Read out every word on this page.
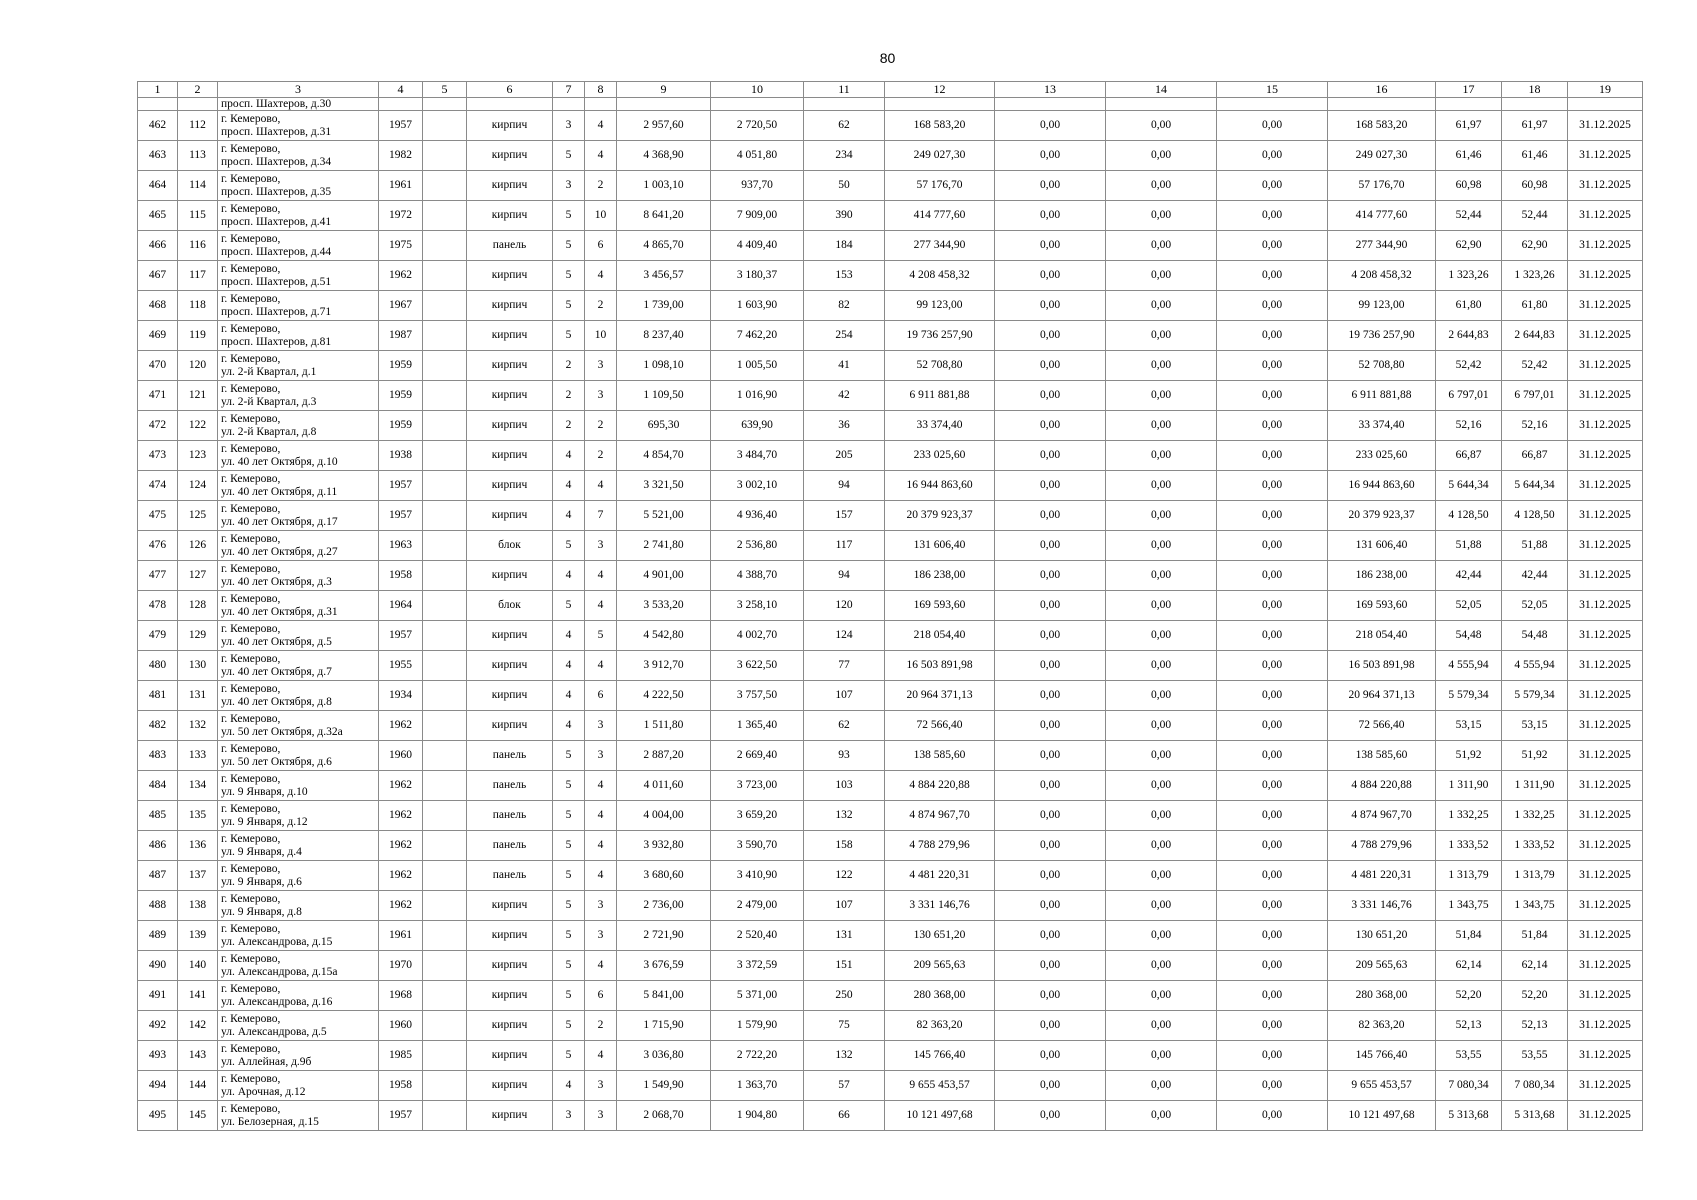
80
1	2	3	4	5	6	7	8	9	10	11	12	13	14	15	16	17	18	19
		просп. Шахтеров, д.30																
462	112	г. Кемерово,
просп. Шахтеров, д.31	1957		кирпич	3	4	2 957,60	2 720,50	62	168 583,20	0,00	0,00	0,00	168 583,20	61,97	61,97	31.12.2025
463	113	г. Кемерово,
просп. Шахтеров, д.34	1982		кирпич	5	4	4 368,90	4 051,80	234	249 027,30	0,00	0,00	0,00	249 027,30	61,46	61,46	31.12.2025
464	114	г. Кемерово,
просп. Шахтеров, д.35	1961		кирпич	3	2	1 003,10	937,70	50	57 176,70	0,00	0,00	0,00	57 176,70	60,98	60,98	31.12.2025
465	115	г. Кемерово,
просп. Шахтеров, д.41	1972		кирпич	5	10	8 641,20	7 909,00	390	414 777,60	0,00	0,00	0,00	414 777,60	52,44	52,44	31.12.2025
466	116	г. Кемерово,
просп. Шахтеров, д.44	1975		панель	5	6	4 865,70	4 409,40	184	277 344,90	0,00	0,00	0,00	277 344,90	62,90	62,90	31.12.2025
467	117	г. Кемерово,
просп. Шахтеров, д.51	1962		кирпич	5	4	3 456,57	3 180,37	153	4 208 458,32	0,00	0,00	0,00	4 208 458,32	1 323,26	1 323,26	31.12.2025
468	118	г. Кемерово,
просп. Шахтеров, д.71	1967		кирпич	5	2	1 739,00	1 603,90	82	99 123,00	0,00	0,00	0,00	99 123,00	61,80	61,80	31.12.2025
469	119	г. Кемерово,
просп. Шахтеров, д.81	1987		кирпич	5	10	8 237,40	7 462,20	254	19 736 257,90	0,00	0,00	0,00	19 736 257,90	2 644,83	2 644,83	31.12.2025
470	120	г. Кемерово,
ул. 2-й Квартал, д.1	1959		кирпич	2	3	1 098,10	1 005,50	41	52 708,80	0,00	0,00	0,00	52 708,80	52,42	52,42	31.12.2025
471	121	г. Кемерово,
ул. 2-й Квартал, д.3	1959		кирпич	2	3	1 109,50	1 016,90	42	6 911 881,88	0,00	0,00	0,00	6 911 881,88	6 797,01	6 797,01	31.12.2025
472	122	г. Кемерово,
ул. 2-й Квартал, д.8	1959		кирпич	2	2	695,30	639,90	36	33 374,40	0,00	0,00	0,00	33 374,40	52,16	52,16	31.12.2025
473	123	г. Кемерово,
ул. 40 лет Октября, д.10	1938		кирпич	4	2	4 854,70	3 484,70	205	233 025,60	0,00	0,00	0,00	233 025,60	66,87	66,87	31.12.2025
474	124	г. Кемерово,
ул. 40 лет Октября, д.11	1957		кирпич	4	4	3 321,50	3 002,10	94	16 944 863,60	0,00	0,00	0,00	16 944 863,60	5 644,34	5 644,34	31.12.2025
475	125	г. Кемерово,
ул. 40 лет Октября, д.17	1957		кирпич	4	7	5 521,00	4 936,40	157	20 379 923,37	0,00	0,00	0,00	20 379 923,37	4 128,50	4 128,50	31.12.2025
476	126	г. Кемерово,
ул. 40 лет Октября, д.27	1963		блок	5	3	2 741,80	2 536,80	117	131 606,40	0,00	0,00	0,00	131 606,40	51,88	51,88	31.12.2025
477	127	г. Кемерово,
ул. 40 лет Октября, д.3	1958		кирпич	4	4	4 901,00	4 388,70	94	186 238,00	0,00	0,00	0,00	186 238,00	42,44	42,44	31.12.2025
478	128	г. Кемерово,
ул. 40 лет Октября, д.31	1964		блок	5	4	3 533,20	3 258,10	120	169 593,60	0,00	0,00	0,00	169 593,60	52,05	52,05	31.12.2025
479	129	г. Кемерово,
ул. 40 лет Октября, д.5	1957		кирпич	4	5	4 542,80	4 002,70	124	218 054,40	0,00	0,00	0,00	218 054,40	54,48	54,48	31.12.2025
480	130	г. Кемерово,
ул. 40 лет Октября, д.7	1955		кирпич	4	4	3 912,70	3 622,50	77	16 503 891,98	0,00	0,00	0,00	16 503 891,98	4 555,94	4 555,94	31.12.2025
481	131	г. Кемерово,
ул. 40 лет Октября, д.8	1934		кирпич	4	6	4 222,50	3 757,50	107	20 964 371,13	0,00	0,00	0,00	20 964 371,13	5 579,34	5 579,34	31.12.2025
482	132	г. Кемерово,
ул. 50 лет Октября, д.32а	1962		кирпич	4	3	1 511,80	1 365,40	62	72 566,40	0,00	0,00	0,00	72 566,40	53,15	53,15	31.12.2025
483	133	г. Кемерово,
ул. 50 лет Октября, д.6	1960		панель	5	3	2 887,20	2 669,40	93	138 585,60	0,00	0,00	0,00	138 585,60	51,92	51,92	31.12.2025
484	134	г. Кемерово,
ул. 9 Января, д.10	1962		панель	5	4	4 011,60	3 723,00	103	4 884 220,88	0,00	0,00	0,00	4 884 220,88	1 311,90	1 311,90	31.12.2025
485	135	г. Кемерово,
ул. 9 Января, д.12	1962		панель	5	4	4 004,00	3 659,20	132	4 874 967,70	0,00	0,00	0,00	4 874 967,70	1 332,25	1 332,25	31.12.2025
486	136	г. Кемерово,
ул. 9 Января, д.4	1962		панель	5	4	3 932,80	3 590,70	158	4 788 279,96	0,00	0,00	0,00	4 788 279,96	1 333,52	1 333,52	31.12.2025
487	137	г. Кемерово,
ул. 9 Января, д.6	1962		панель	5	4	3 680,60	3 410,90	122	4 481 220,31	0,00	0,00	0,00	4 481 220,31	1 313,79	1 313,79	31.12.2025
488	138	г. Кемерово,
ул. 9 Января, д.8	1962		кирпич	5	3	2 736,00	2 479,00	107	3 331 146,76	0,00	0,00	0,00	3 331 146,76	1 343,75	1 343,75	31.12.2025
489	139	г. Кемерово,
ул. Александрова, д.15	1961		кирпич	5	3	2 721,90	2 520,40	131	130 651,20	0,00	0,00	0,00	130 651,20	51,84	51,84	31.12.2025
490	140	г. Кемерово,
ул. Александрова, д.15а	1970		кирпич	5	4	3 676,59	3 372,59	151	209 565,63	0,00	0,00	0,00	209 565,63	62,14	62,14	31.12.2025
491	141	г. Кемерово,
ул. Александрова, д.16	1968		кирпич	5	6	5 841,00	5 371,00	250	280 368,00	0,00	0,00	0,00	280 368,00	52,20	52,20	31.12.2025
492	142	г. Кемерово,
ул. Александрова, д.5	1960		кирпич	5	2	1 715,90	1 579,90	75	82 363,20	0,00	0,00	0,00	82 363,20	52,13	52,13	31.12.2025
493	143	г. Кемерово,
ул. Аллейная, д.9б	1985		кирпич	5	4	3 036,80	2 722,20	132	145 766,40	0,00	0,00	0,00	145 766,40	53,55	53,55	31.12.2025
494	144	г. Кемерово,
ул. Арочная, д.12	1958		кирпич	4	3	1 549,90	1 363,70	57	9 655 453,57	0,00	0,00	0,00	9 655 453,57	7 080,34	7 080,34	31.12.2025
495	145	г. Кемерово,
ул. Белозерная, д.15	1957		кирпич	3	3	2 068,70	1 904,80	66	10 121 497,68	0,00	0,00	0,00	10 121 497,68	5 313,68	5 313,68	31.12.2025
